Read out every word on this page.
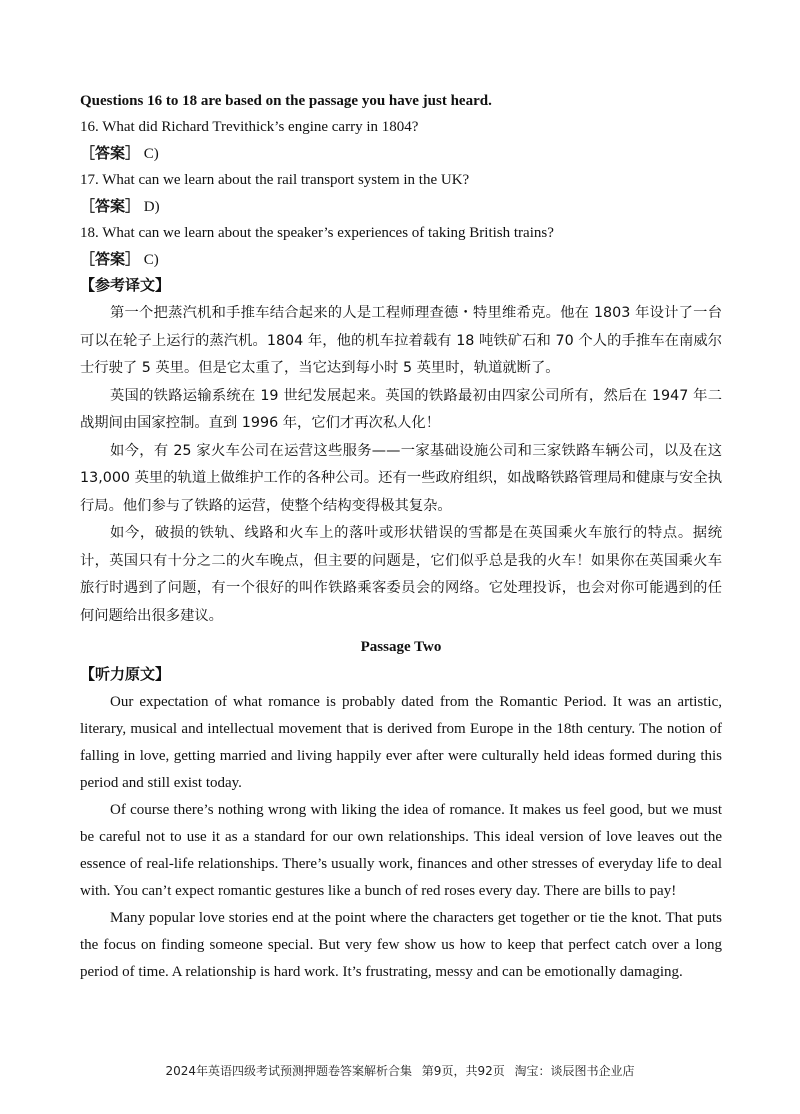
Questions 16 to 18 are based on the passage you have just heard.
16. What did Richard Trevithick’s engine carry in 1804?
［答案］ C)
17. What can we learn about the rail transport system in the UK?
［答案］ D)
18. What can we learn about the speaker’s experiences of taking British trains?
［答案］ C)
【参考译文】

第一个把蒸汽机和手推车结合起来的人是工程师理查德・特里维希克。他在 1803 年设计了一台可以在轮子上运行的蒸汽机。1804 年，他的机车拉着载有 18 吨铁矿石和 70 个人的手推车在南威尔士行驶了 5 英里。但是它太重了，当它达到每小时 5 英里时，轨道就断了。

英国的铁路运输系统在 19 世纪发展起来。英国的铁路最初由四家公司所有，然后在 1947 年二战期间由国家控制。直到 1996 年，它们才再次私人化！

如今，有 25 家火车公司在运营这些服务——一家基础设施公司和三家铁路车辆公司，以及在这 13,000 英里的轨道上做维护工作的各种公司。还有一些政府组织，如战略铁路管理局和健康与安全执行局。他们参与了铁路的运营，使整个结构变得极其复杂。

如今，破损的铁轨、线路和火车上的落叶或形状错误的雪都是在英国乘火车旅行的特点。据统计，英国只有十分之二的火车晚点，但主要的问题是，它们似乎总是我的火车！如果你在英国乘火车旅行时遇到了问题，有一个很好的叫作铁路乘客委员会的网络。它处理投诉，也会对你可能遇到的任何问题给出很多建议。

Passage Two
【听力原文】

Our expectation of what romance is probably dated from the Romantic Period. It was an artistic, literary, musical and intellectual movement that is derived from Europe in the 18th century. The notion of falling in love, getting married and living happily ever after were culturally held ideas formed during this period and still exist today.

Of course there’s nothing wrong with liking the idea of romance. It makes us feel good, but we must be careful not to use it as a standard for our own relationships. This ideal version of love leaves out the essence of real-life relationships. There’s usually work, finances and other stresses of everyday life to deal with. You can’t expect romantic gestures like a bunch of red roses every day. There are bills to pay!

Many popular love stories end at the point where the characters get together or tie the knot. That puts the focus on finding someone special. But very few show us how to keep that perfect catch over a long period of time. A relationship is hard work. It’s frustrating, messy and can be emotionally damaging.

2024年英语四级考试预测押题卷答案解析合集 第9页，共92页 淘宝：谈辰图书企业店
